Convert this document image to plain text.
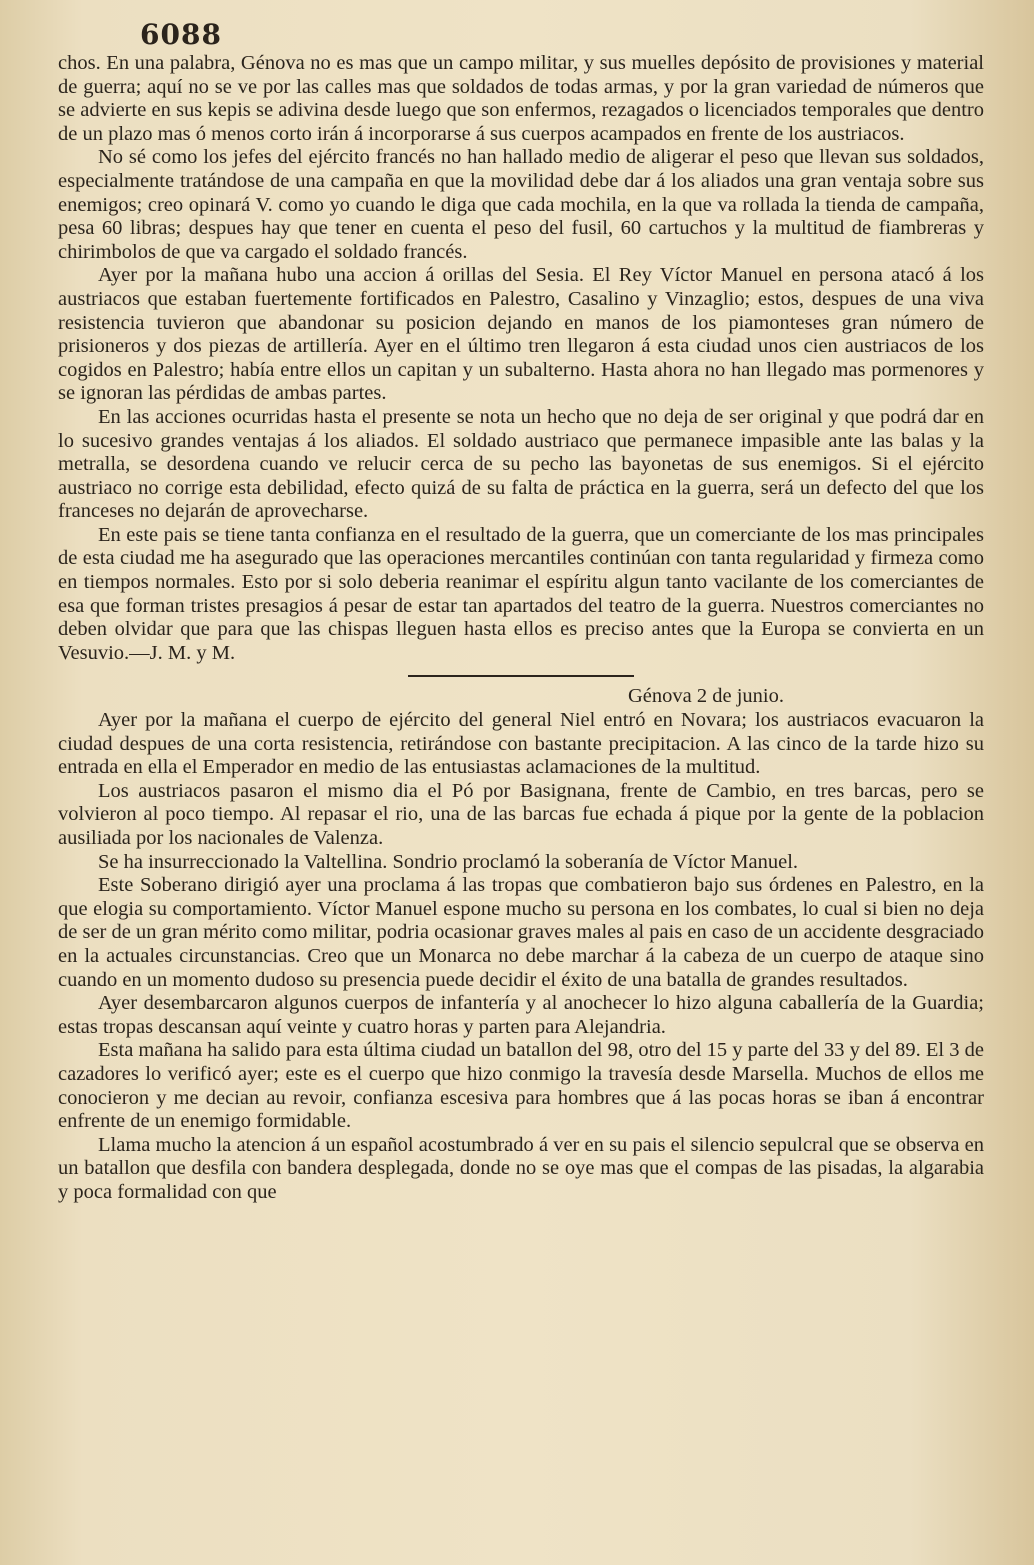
6088

chos. En una palabra, Génova no es mas que un campo militar, y sus muelles depósito de provisiones y material de guerra; aquí no se ve por las calles mas que soldados de todas armas, y por la gran variedad de números que se advierte en sus kepis se adivina desde luego que son enfermos, rezagados o licenciados temporales que dentro de un plazo mas ó menos corto irán á incorporarse á sus cuerpos acampados en frente de los austriacos.

No sé como los jefes del ejército francés no han hallado medio de aligerar el peso que llevan sus soldados, especialmente tratándose de una campaña en que la movilidad debe dar á los aliados una gran ventaja sobre sus enemigos; creo opinará V. como yo cuando le diga que cada mochila, en la que va rollada la tienda de campaña, pesa 60 libras; despues hay que tener en cuenta el peso del fusil, 60 cartuchos y la multitud de fiambreras y chirimbolos de que va cargado el soldado francés.

Ayer por la mañana hubo una accion á orillas del Sesia. El Rey Víctor Manuel en persona atacó á los austriacos que estaban fuertemente fortificados en Palestro, Casalino y Vinzaglio; estos, despues de una viva resistencia tuvieron que abandonar su posicion dejando en manos de los piamonteses gran número de prisioneros y dos piezas de artillería. Ayer en el último tren llegaron á esta ciudad unos cien austriacos de los cogidos en Palestro; había entre ellos un capitan y un subalterno. Hasta ahora no han llegado mas pormenores y se ignoran las pérdidas de ambas partes.

En las acciones ocurridas hasta el presente se nota un hecho que no deja de ser original y que podrá dar en lo sucesivo grandes ventajas á los aliados. El soldado austriaco que permanece impasible ante las balas y la metralla, se desordena cuando ve relucir cerca de su pecho las bayonetas de sus enemigos. Si el ejército austriaco no corrige esta debilidad, efecto quizá de su falta de práctica en la guerra, será un defecto del que los franceses no dejarán de aprovecharse.

En este pais se tiene tanta confianza en el resultado de la guerra, que un comerciante de los mas principales de esta ciudad me ha asegurado que las operaciones mercantiles continúan con tanta regularidad y firmeza como en tiempos normales. Esto por si solo deberia reanimar el espíritu algun tanto vacilante de los comerciantes de esa que forman tristes presagios á pesar de estar tan apartados del teatro de la guerra. Nuestros comerciantes no deben olvidar que para que las chispas lleguen hasta ellos es preciso antes que la Europa se convierta en un Vesuvio.—J. M. y M.

Génova 2 de junio.

Ayer por la mañana el cuerpo de ejército del general Niel entró en Novara; los austriacos evacuaron la ciudad despues de una corta resistencia, retirándose con bastante precipitacion. A las cinco de la tarde hizo su entrada en ella el Emperador en medio de las entusiastas aclamaciones de la multitud.

Los austriacos pasaron el mismo dia el Pó por Basignana, frente de Cambio, en tres barcas, pero se volvieron al poco tiempo. Al repasar el rio, una de las barcas fue echada á pique por la gente de la poblacion ausiliada por los nacionales de Valenza.

Se ha insurreccionado la Valtellina. Sondrio proclamó la soberanía de Víctor Manuel.

Este Soberano dirigió ayer una proclama á las tropas que combatieron bajo sus órdenes en Palestro, en la que elogia su comportamiento. Víctor Manuel espone mucho su persona en los combates, lo cual si bien no deja de ser de un gran mérito como militar, podria ocasionar graves males al pais en caso de un accidente desgraciado en la actuales circunstancias. Creo que un Monarca no debe marchar á la cabeza de un cuerpo de ataque sino cuando en un momento dudoso su presencia puede decidir el éxito de una batalla de grandes resultados.

Ayer desembarcaron algunos cuerpos de infantería y al anochecer lo hizo alguna caballería de la Guardia; estas tropas descansan aquí veinte y cuatro horas y parten para Alejandria.

Esta mañana ha salido para esta última ciudad un batallon del 98, otro del 15 y parte del 33 y del 89. El 3 de cazadores lo verificó ayer; este es el cuerpo que hizo conmigo la travesía desde Marsella. Muchos de ellos me conocieron y me decian au revoir, confianza escesiva para hombres que á las pocas horas se iban á encontrar enfrente de un enemigo formidable.

Llama mucho la atencion á un español acostumbrado á ver en su pais el silencio sepulcral que se observa en un batallon que desfila con bandera desplegada, donde no se oye mas que el compas de las pisadas, la algarabia y poca formalidad con que
